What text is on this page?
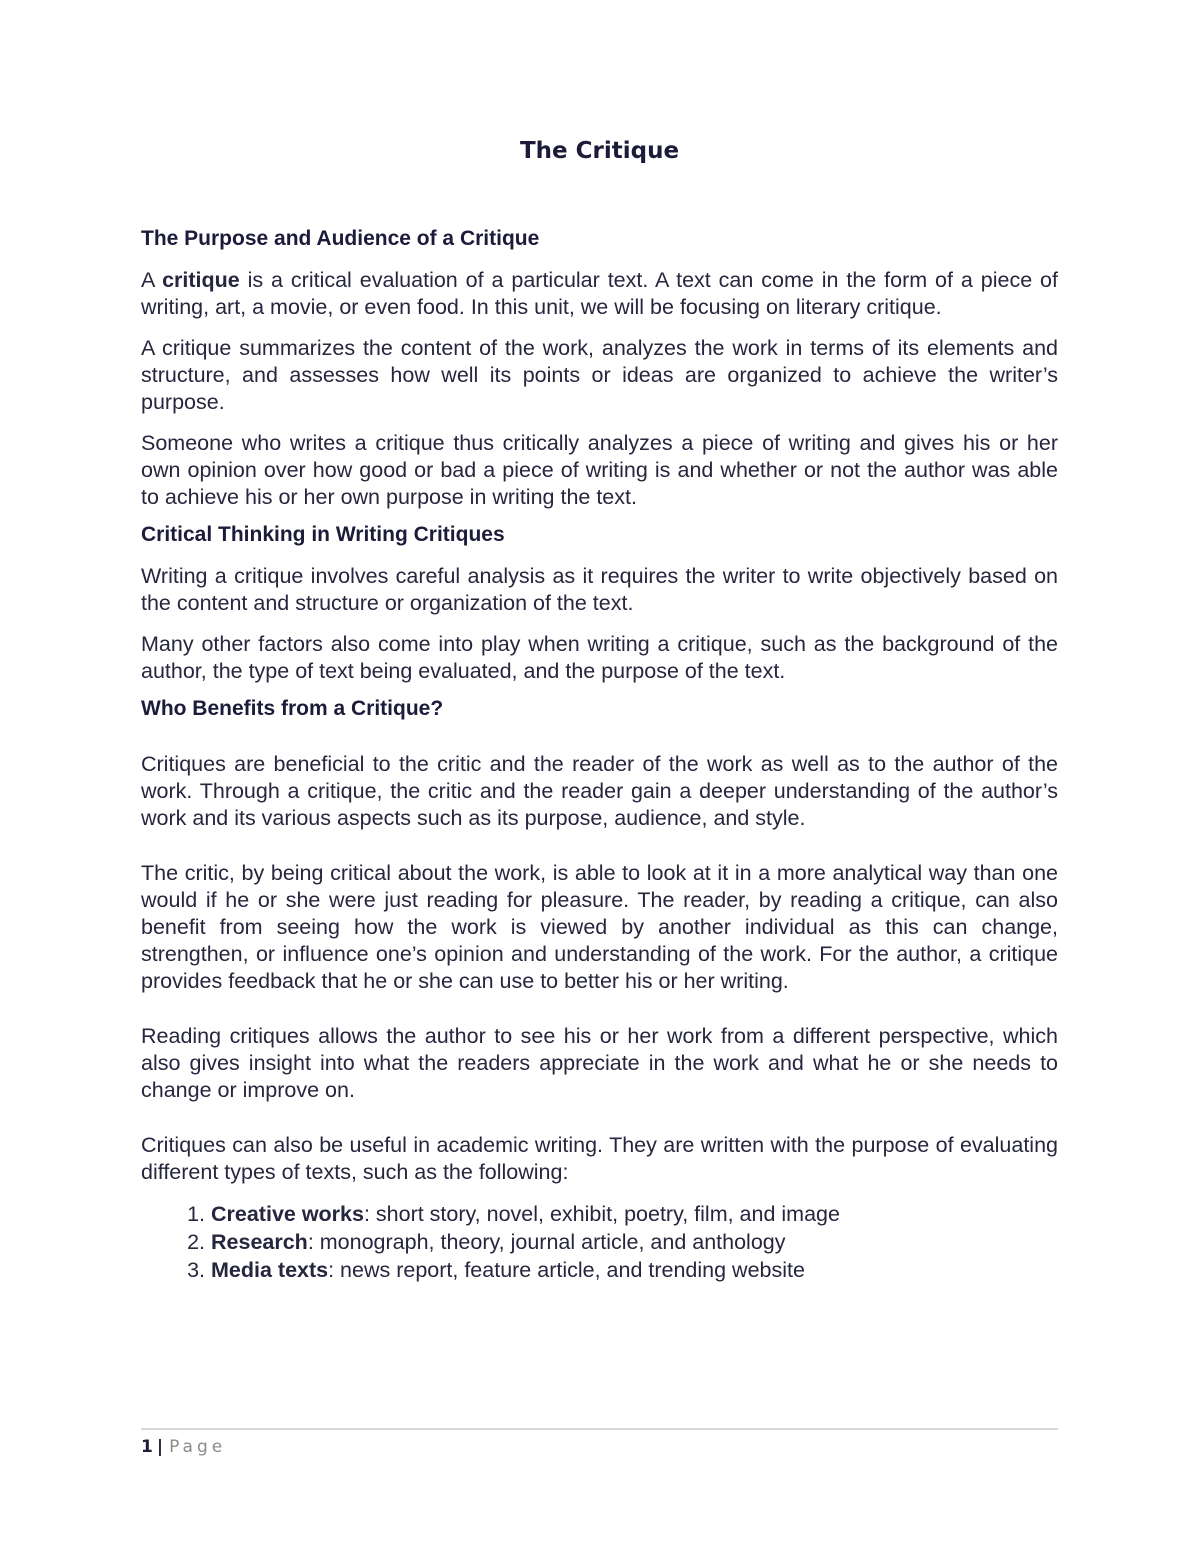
The Critique
The Purpose and Audience of a Critique

A critique is a critical evaluation of a particular text. A text can come in the form of a piece of writing, art, a movie, or even food. In this unit, we will be focusing on literary critique.

A critique summarizes the content of the work, analyzes the work in terms of its elements and structure, and assesses how well its points or ideas are organized to achieve the writer’s purpose.

Someone who writes a critique thus critically analyzes a piece of writing and gives his or her own opinion over how good or bad a piece of writing is and whether or not the author was able to achieve his or her own purpose in writing the text.

Critical Thinking in Writing Critiques

Writing a critique involves careful analysis as it requires the writer to write objectively based on the content and structure or organization of the text.

Many other factors also come into play when writing a critique, such as the background of the author, the type of text being evaluated, and the purpose of the text.

Who Benefits from a Critique?

Critiques are beneficial to the critic and the reader of the work as well as to the author of the work. Through a critique, the critic and the reader gain a deeper understanding of the author’s work and its various aspects such as its purpose, audience, and style.

The critic, by being critical about the work, is able to look at it in a more analytical way than one would if he or she were just reading for pleasure. The reader, by reading a critique, can also benefit from seeing how the work is viewed by another individual as this can change, strengthen, or influence one’s opinion and understanding of the work. For the author, a critique provides feedback that he or she can use to better his or her writing.

Reading critiques allows the author to see his or her work from a different perspective, which also gives insight into what the readers appreciate in the work and what he or she needs to change or improve on.

Critiques can also be useful in academic writing. They are written with the purpose of evaluating different types of texts, such as the following:

1. Creative works: short story, novel, exhibit, poetry, film, and image
2. Research: monograph, theory, journal article, and anthology
3. Media texts: news report, feature article, and trending website
1 | Page
